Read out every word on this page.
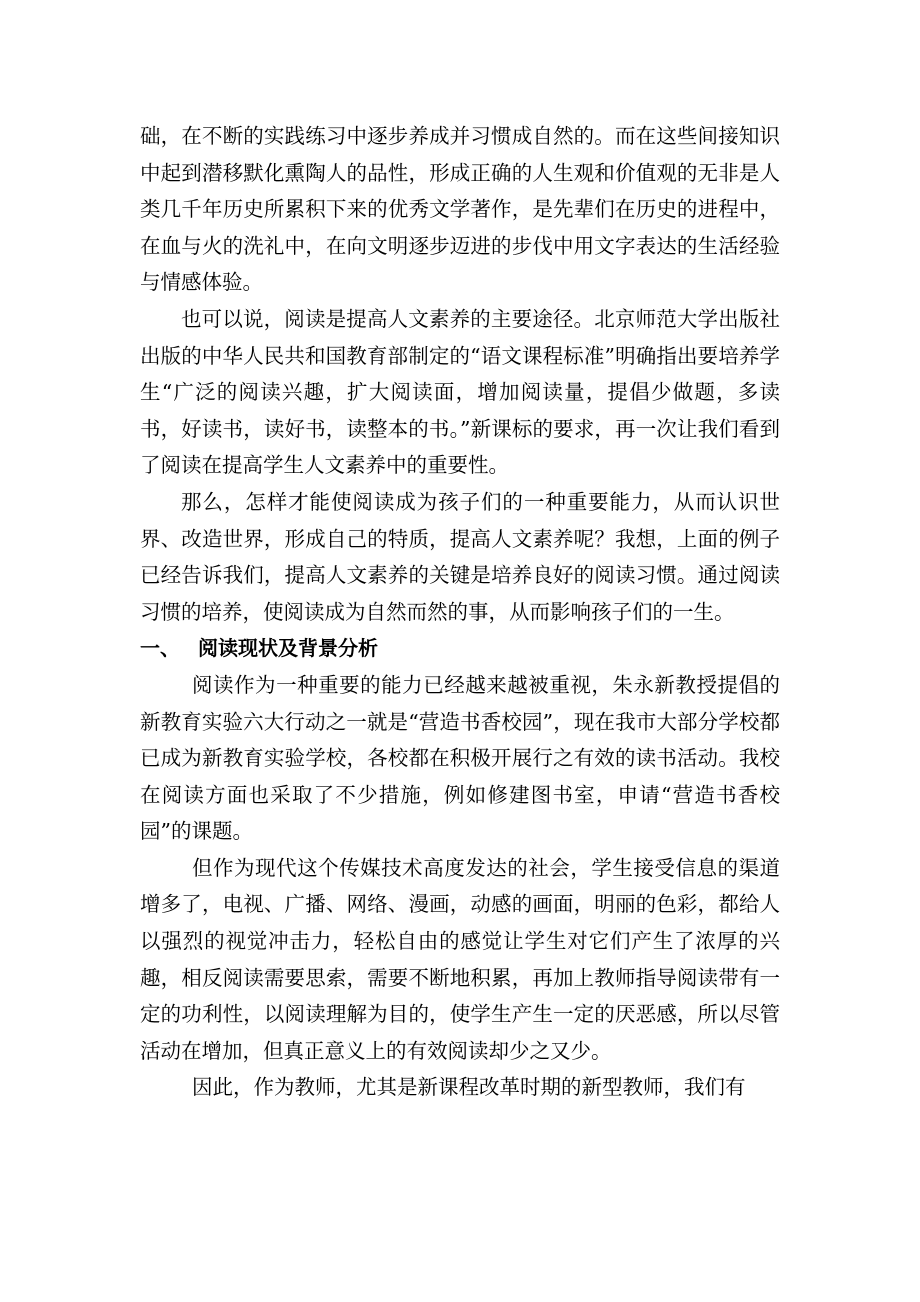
础，在不断的实践练习中逐步养成并习惯成自然的。而在这些间接知识中起到潜移默化熏陶人的品性，形成正确的人生观和价值观的无非是人类几千年历史所累积下来的优秀文学著作，是先辈们在历史的进程中，在血与火的洗礼中，在向文明逐步迈进的步伐中用文字表达的生活经验与情感体验。

也可以说，阅读是提高人文素养的主要途径。北京师范大学出版社出版的中华人民共和国教育部制定的“语文课程标准”明确指出要培养学生“广泛的阅读兴趣，扩大阅读面，增加阅读量，提倡少做题，多读书，好读书，读好书，读整本的书。”新课标的要求，再一次让我们看到了阅读在提高学生人文素养中的重要性。

那么，怎样才能使阅读成为孩子们的一种重要能力，从而认识世界、改造世界，形成自己的特质，提高人文素养呢？我想，上面的例子已经告诉我们，提高人文素养的关键是培养良好的阅读习惯。通过阅读习惯的培养，使阅读成为自然而然的事，从而影响孩子们的一生。

一、 阅读现状及背景分析

阅读作为一种重要的能力已经越来越被重视，朱永新教授提倡的新教育实验六大行动之一就是“营造书香校园”，现在我市大部分学校都已成为新教育实验学校，各校都在积极开展行之有效的读书活动。我校在阅读方面也采取了不少措施，例如修建图书室，申请“营造书香校园”的课题。

但作为现代这个传媒技术高度发达的社会，学生接受信息的渠道增多了，电视、广播、网络、漫画，动感的画面，明丽的色彩，都给人以强烈的视觉冲击力，轻松自由的感觉让学生对它们产生了浓厚的兴趣，相反阅读需要思索，需要不断地积累，再加上教师指导阅读带有一定的功利性，以阅读理解为目的，使学生产生一定的厌恶感，所以尽管活动在增加，但真正意义上的有效阅读却少之又少。

因此，作为教师，尤其是新课程改革时期的新型教师，我们有
